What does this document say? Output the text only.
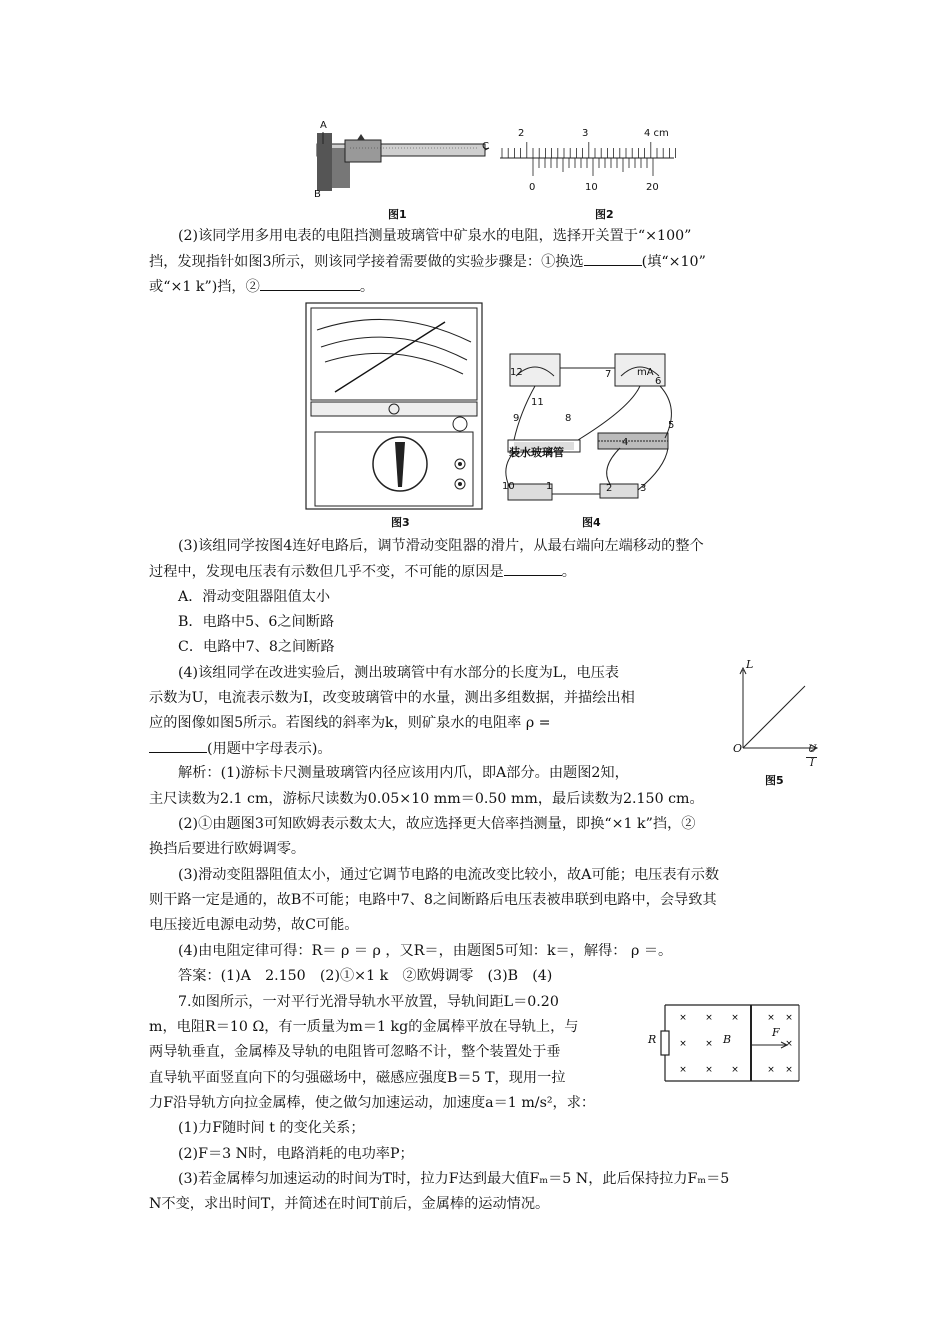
A
B
C
图1
2	3	4 cm
0	10	20
图2
(2)该同学用多用电表的电阻挡测量玻璃管中矿泉水的电阻，选择开关置于“×100”
挡，发现指针如图3所示，则该同学接着需要做的实验步骤是：①换选	(填“×10”
或“×1 k”)挡，②	。
图3
mA
12
11
7
6
9	8
5
4
10	1	2	3
装水玻璃管
图4
(3)该组同学按图4连好电路后，调节滑动变阻器的滑片，从最右端向左端移动的整个
过程中，发现电压表有示数但几乎不变，不可能的原因是	。
A．滑动变阻器阻值太小
B．电路中5、6之间断路
C．电路中7、8之间断路
(4)该组同学在改进实验后，测出玻璃管中有水部分的长度为L，电压表
示数为U，电流表示数为I，改变玻璃管中的水量，测出多组数据，并描绘出相
应的图像如图5所示。若图线的斜率为k，则矿泉水的电阻率 ρ =
(用题中字母表示)。
L
O	U
I
图5
解析：(1)游标卡尺测量玻璃管内径应该用内爪，即A部分。由题图2知，
主尺读数为2.1 cm，游标尺读数为0.05×10 mm＝0.50 mm，最后读数为2.150 cm。
(2)①由题图3可知欧姆表示数太大，故应选择更大倍率挡测量，即换“×1 k”挡，②
换挡后要进行欧姆调零。
(3)滑动变阻器阻值太小，通过它调节电路的电流改变比较小，故A可能；电压表有示数
则干路一定是通的，故B不可能；电路中7、8之间断路后电压表被串联到电路中，会导致其
电压接近电源电动势，故C可能。
(4)由电阻定律可得：R＝ ρ ＝ ρ ，又R＝，由题图5可知：k＝，解得： ρ ＝。
答案：(1)A　2.150　(2)①×1 k　②欧姆调零　(3)B　(4)
7.如图所示，一对平行光滑导轨水平放置，导轨间距L＝0.20
m，电阻R＝10 Ω，有一质量为m＝1 kg的金属棒平放在导轨上，与
两导轨垂直，金属棒及导轨的电阻皆可忽略不计，整个装置处于垂
直导轨平面竖直向下的匀强磁场中，磁感应强度B＝5 T，现用一拉
力F沿导轨方向拉金属棒，使之做匀加速运动，加速度a＝1 m/s²，求：
(1)力F随时间 t 的变化关系；
(2)F＝3 N时，电路消耗的电功率P；
(3)若金属棒匀加速运动的时间为T时，拉力F达到最大值Fₘ＝5 N，此后保持拉力Fₘ＝5
N不变，求出时间T，并简述在时间T前后，金属棒的运动情况。
× × ×	× ×
× ×	×
× × ×	× ×
R	B
F
